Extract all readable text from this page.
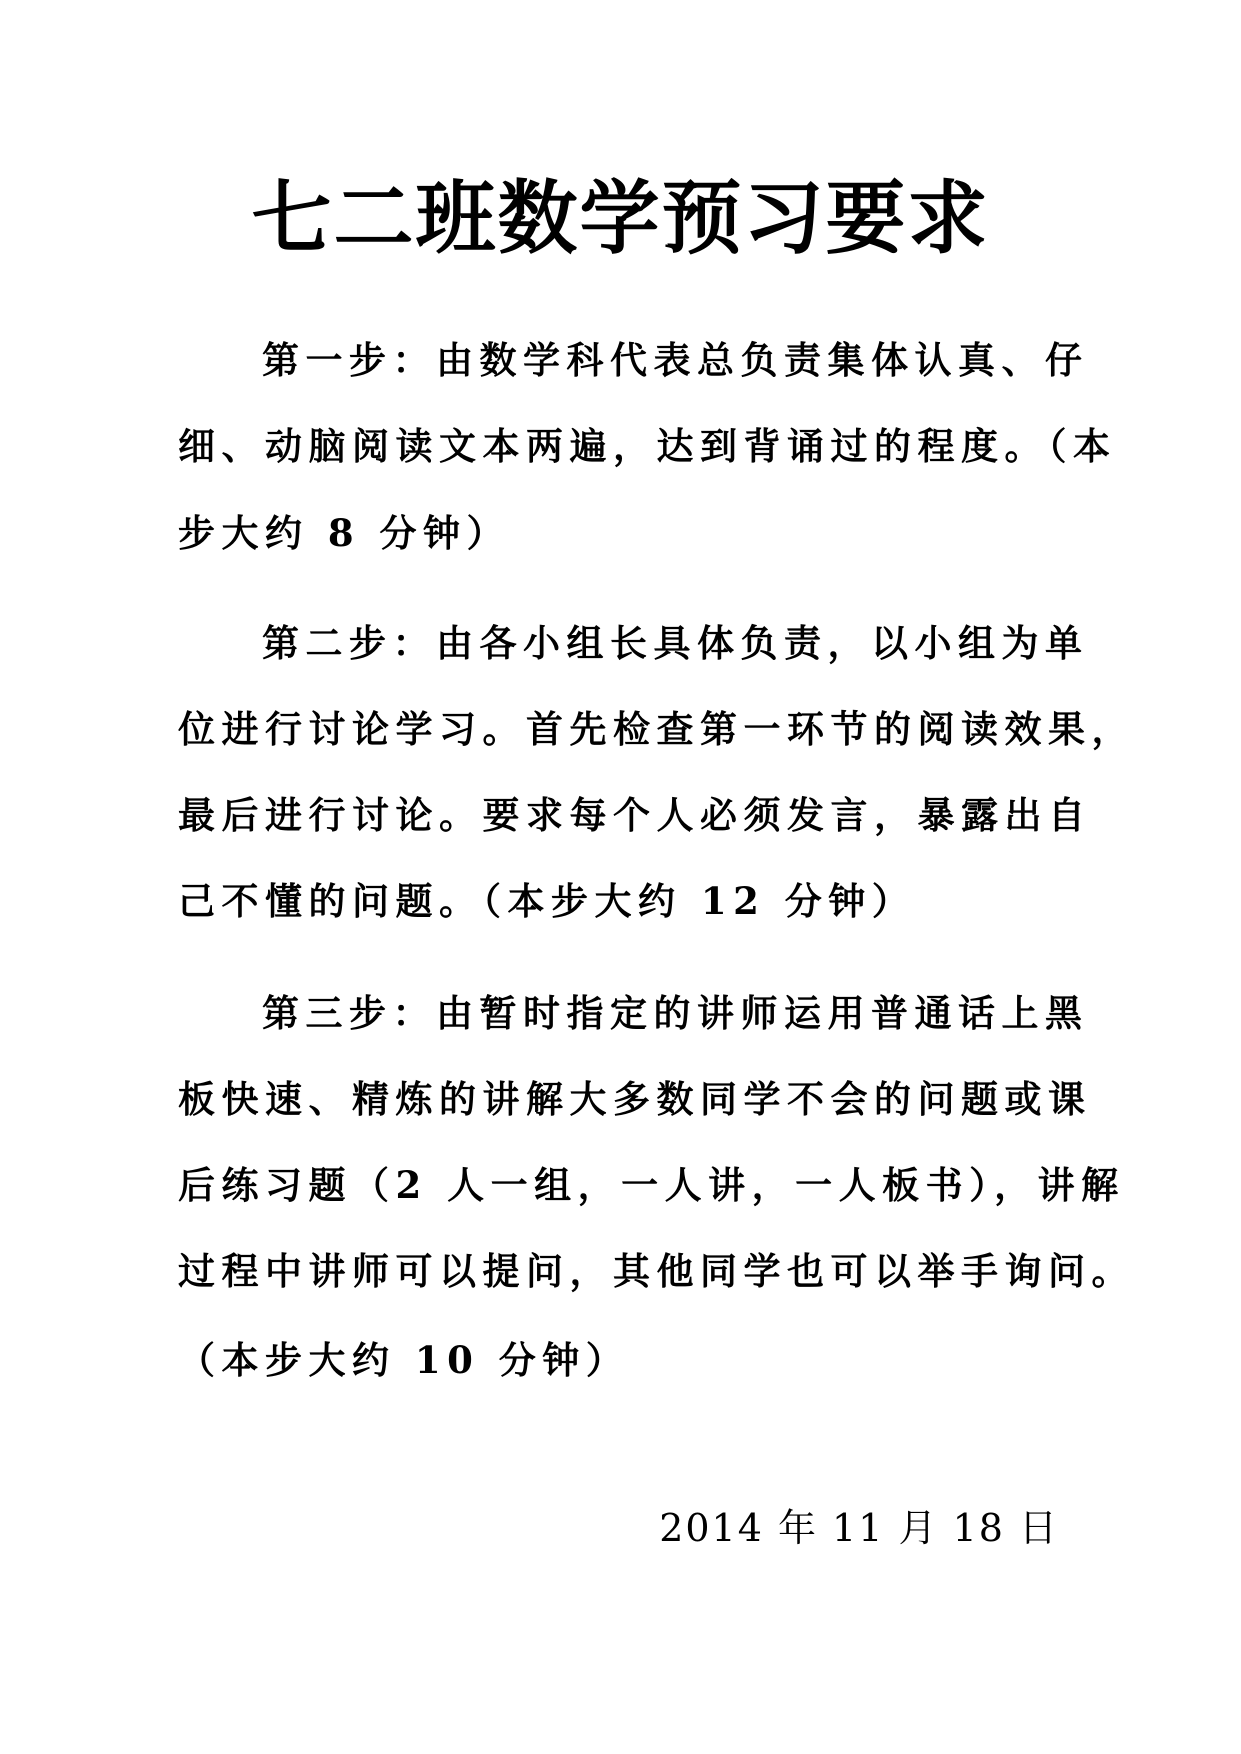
七二班数学预习要求
第一步：由数学科代表总负责集体认真、仔
细、动脑阅读文本两遍，达到背诵过的程度。（本
步大约 8 分钟）
第二步：由各小组长具体负责，以小组为单
位进行讨论学习。首先检查第一环节的阅读效果，
最后进行讨论。要求每个人必须发言，暴露出自
己不懂的问题。（本步大约 12 分钟）
第三步：由暂时指定的讲师运用普通话上黑
板快速、精炼的讲解大多数同学不会的问题或课
后练习题（2 人一组，一人讲，一人板书），讲解
过程中讲师可以提问，其他同学也可以举手询问。
（本步大约 10 分钟）
2014 年 11 月 18 日
